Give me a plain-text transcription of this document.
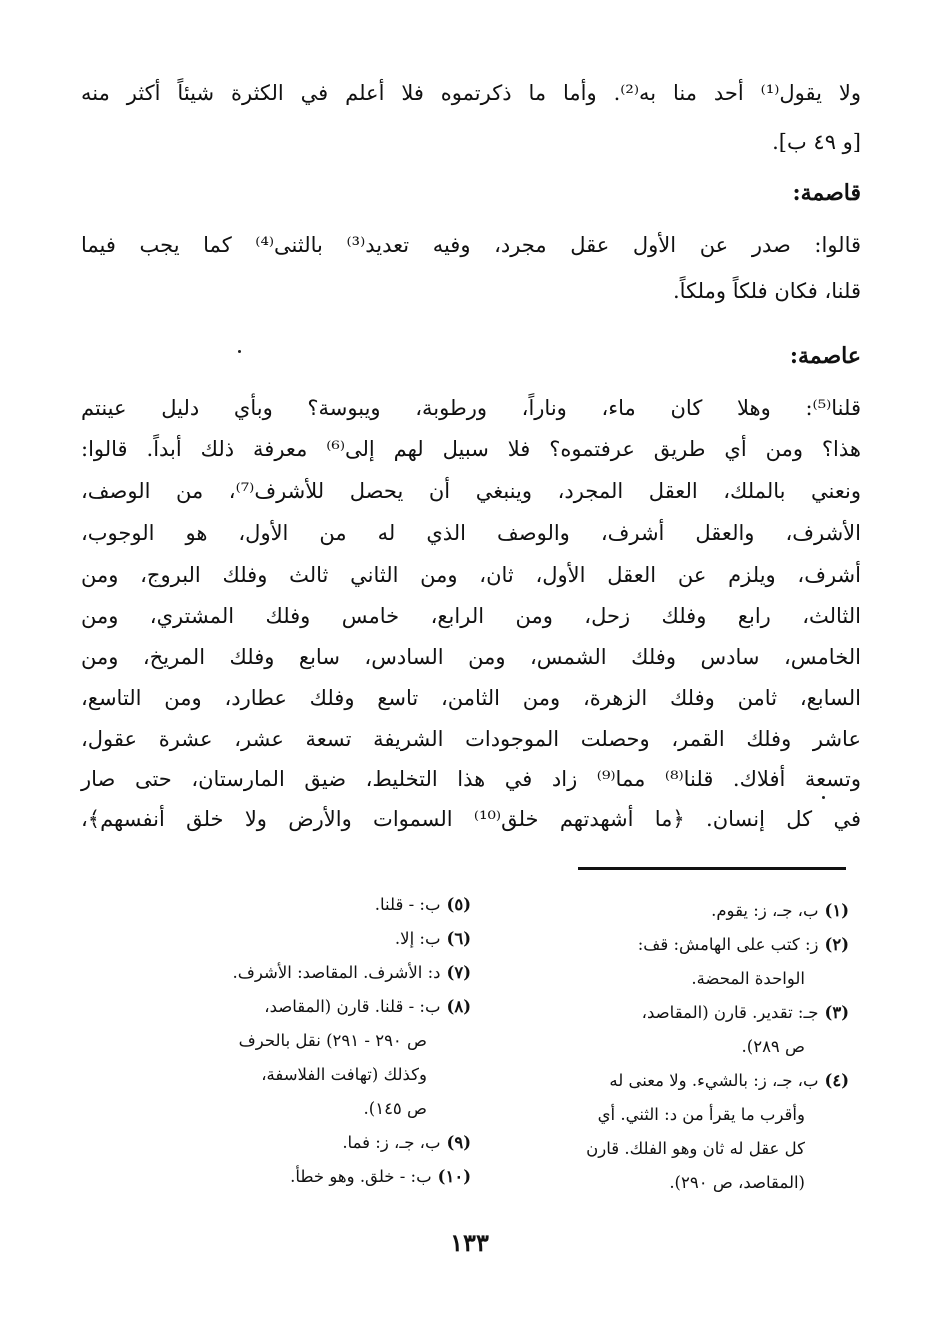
ولا يقول⁽¹⁾ أحد منا به⁽²⁾. وأما ما ذكرتموه فلا أعلم في الكثرة شيئاً أكثر منه
[و ٤٩ ب].
قاصمة:
قالوا: صدر عن الأول عقل مجرد، وفيه تعديد⁽³⁾ بالثنى⁽⁴⁾ كما يجب فيما
قلنا، فكان فلكاً وملكاً.
عاصمة:
قلنا⁽⁵⁾: وهلا كان ماء، وناراً، ورطوبة، ويبوسة؟ وبأي دليل عينتم
هذا؟ ومن أي طريق عرفتموه؟ فلا سبيل لهم إلى⁽⁶⁾ معرفة ذلك أبداً. قالوا:
ونعني بالملك، العقل المجرد، وينبغي أن يحصل للأشرف⁽⁷⁾، من الوصف،
الأشرف، والعقل أشرف، والوصف الذي له من الأول، هو الوجوب،
أشرف، ويلزم عن العقل الأول، ثان، ومن الثاني ثالث وفلك البروج، ومن
الثالث، رابع وفلك زحل، ومن الرابع، خامس وفلك المشتري، ومن
الخامس، سادس وفلك الشمس، ومن السادس، سابع وفلك المريخ، ومن
السابع، ثامن وفلك الزهرة، ومن الثامن، تاسع وفلك عطارد، ومن التاسع،
عاشر وفلك القمر، وحصلت الموجودات الشريفة تسعة عشر، عشرة عقول،
وتسعة أفلاك. قلنا⁽⁸⁾ مما⁽⁹⁾ زاد في هذا التخليط، ضيق المارستان، حتى صار
في كل إنسان. ﴿ما أشهدتهم خلق⁽¹⁰⁾ السموات والأرض ولا خلق أنفسهم﴾،
(١)ب، جـ، ز: يقوم.
(٢)ز: كتب على الهامش: قف:
الواحدة المحضة.
(٣)جـ: تقدير. قارن (المقاصد،
ص ٢٨٩).
(٤)ب، جـ، ز: بالشيء. ولا معنى له
وأقرب ما يقرأ من د: الثني. أي
كل عقل له ثان وهو الفلك. قارن
(المقاصد، ص ٢٩٠).
(٥)ب: - قلنا.
(٦)ب: إلا.
(٧)د: الأشرف. المقاصد: الأشرف.
(٨)ب: - قلنا. قارن (المقاصد،
ص ٢٩٠ - ٢٩١) نقل بالحرف
وكذلك (تهافت الفلاسفة،
ص ١٤٥).
(٩)ب، جـ، ز: فما.
(١٠)ب: - خلق. وهو خطأ.
١٣٣
